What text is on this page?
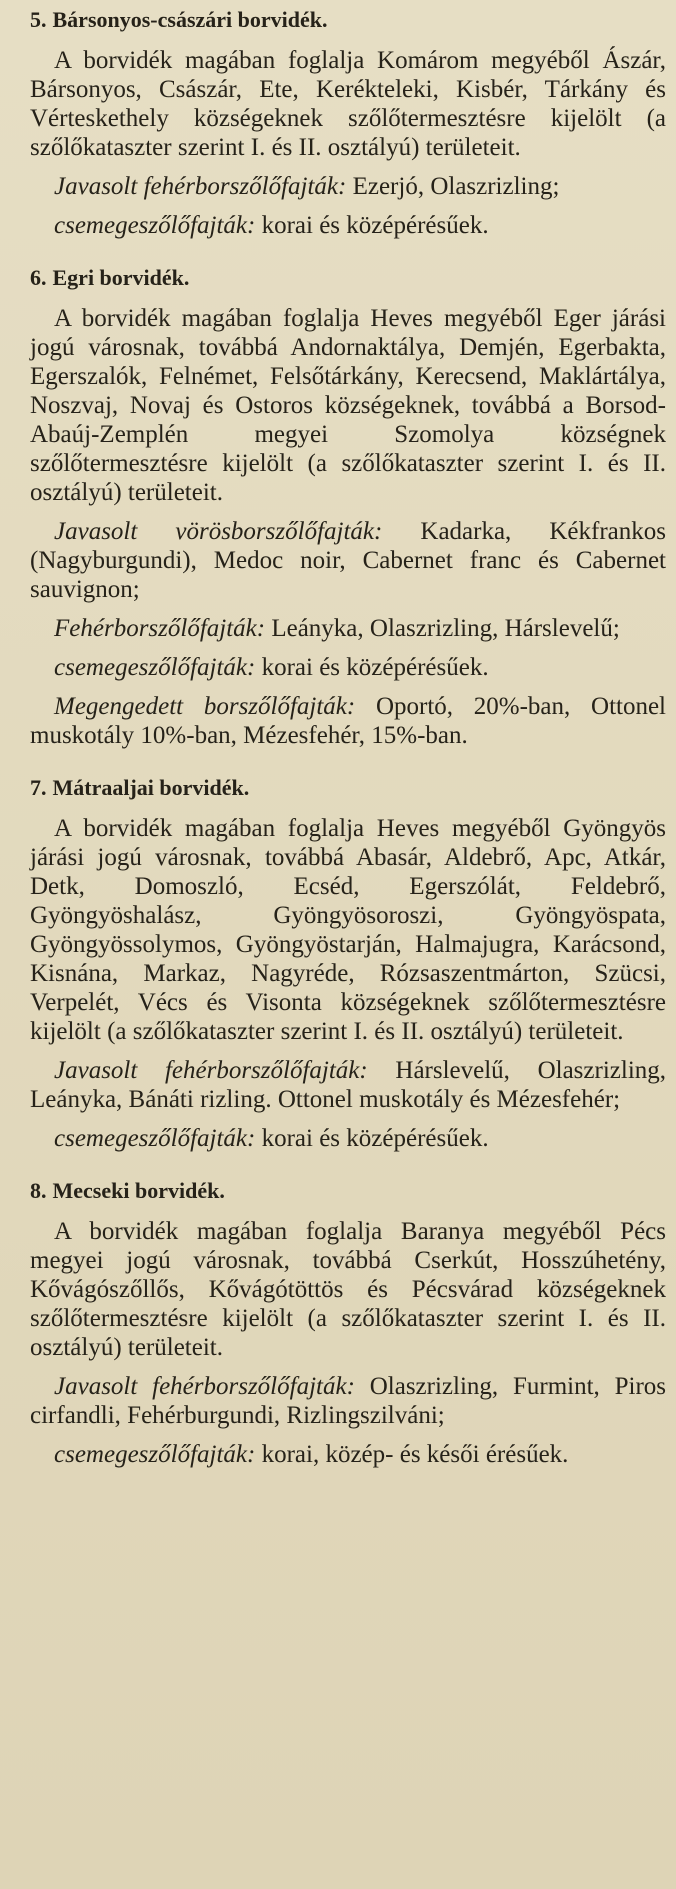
5. Bársonyos-császári borvidék.

A borvidék magában foglalja Komárom megyéből Ászár, Bársonyos, Császár, Ete, Kerékteleki, Kisbér, Tárkány és Vérteskethely községeknek szőlőtermesztésre kijelölt (a szőlőkataszter szerint I. és II. osztályú) területeit.

Javasolt fehérborszőlőfajták: Ezerjó, Olaszrizling;

csemegeszőlőfajták: korai és középérésűek.

6. Egri borvidék.

A borvidék magában foglalja Heves megyéből Eger járási jogú városnak, továbbá Andornaktálya, Demjén, Egerbakta, Egerszalók, Felnémet, Felsőtárkány, Kerecsend, Maklártálya, Noszvaj, Novaj és Ostoros községeknek, továbbá a Borsod-Abaúj-Zemplén megyei Szomolya községnek szőlőtermesztésre kijelölt (a szőlőkataszter szerint I. és II. osztályú) területeit.

Javasolt vörösborszőlőfajták: Kadarka, Kékfrankos (Nagyburgundi), Medoc noir, Cabernet franc és Cabernet sauvignon;

Fehérborszőlőfajták: Leányka, Olaszrizling, Hárslevelű;

csemegeszőlőfajták: korai és középérésűek.

Megengedett borszőlőfajták: Oportó, 20%-ban, Ottonel muskotály 10%-ban, Mézesfehér, 15%-ban.

7. Mátraaljai borvidék.

A borvidék magában foglalja Heves megyéből Gyöngyös járási jogú városnak, továbbá Abasár, Aldebrő, Apc, Atkár, Detk, Domoszló, Ecséd, Egerszólát, Feldebrő, Gyöngyöshalász, Gyöngyösoroszi, Gyöngyöspata, Gyöngyössolymos, Gyöngyöstarján, Halmajugra, Karácsond, Kisnána, Markaz, Nagyréde, Rózsaszentmárton, Szücsi, Verpelét, Vécs és Visonta községeknek szőlőtermesztésre kijelölt (a szőlőkataszter szerint I. és II. osztályú) területeit.

Javasolt fehérborszőlőfajták: Hárslevelű, Olaszrizling, Leányka, Bánáti rizling. Ottonel muskotály és Mézesfehér;

csemegeszőlőfajták: korai és középérésűek.

8. Mecseki borvidék.

A borvidék magában foglalja Baranya megyéből Pécs megyei jogú városnak, továbbá Cserkút, Hosszúhetény, Kővágószőllős, Kővágótöttös és Pécsvárad községeknek szőlőtermesztésre kijelölt (a szőlőkataszter szerint I. és II. osztályú) területeit.

Javasolt fehérborszőlőfajták: Olaszrizling, Furmint, Piros cirfandli, Fehérburgundi, Rizlingszilváni;

csemegeszőlőfajták: korai, közép- és késői érésűek.
